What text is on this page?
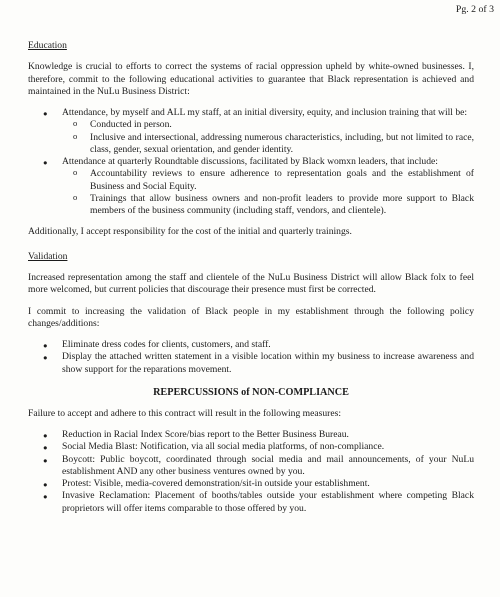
Pg. 2 of 3
Education

Knowledge is crucial to efforts to correct the systems of racial oppression upheld by white-owned businesses. I, therefore, commit to the following educational activities to guarantee that Black representation is achieved and maintained in the NuLu Business District:

● Attendance, by myself and ALL my staff, at an initial diversity, equity, and inclusion training that will be:
o Conducted in person.
o Inclusive and intersectional, addressing numerous characteristics, including, but not limited to race, class, gender, sexual orientation, and gender identity.
● Attendance at quarterly Roundtable discussions, facilitated by Black womxn leaders, that include:
o Accountability reviews to ensure adherence to representation goals and the establishment of Business and Social Equity.
o Trainings that allow business owners and non-profit leaders to provide more support to Black members of the business community (including staff, vendors, and clientele).

Additionally, I accept responsibility for the cost of the initial and quarterly trainings.

Validation

Increased representation among the staff and clientele of the NuLu Business District will allow Black folx to feel more welcomed, but current policies that discourage their presence must first be corrected.

I commit to increasing the validation of Black people in my establishment through the following policy changes/additions:

● Eliminate dress codes for clients, customers, and staff.
● Display the attached written statement in a visible location within my business to increase awareness and show support for the reparations movement.
REPERCUSSIONS of NON-COMPLIANCE

Failure to accept and adhere to this contract will result in the following measures:

● Reduction in Racial Index Score/bias report to the Better Business Bureau.
● Social Media Blast: Notification, via all social media platforms, of non-compliance.
● Boycott: Public boycott, coordinated through social media and mail announcements, of your NuLu establishment AND any other business ventures owned by you.
● Protest: Visible, media-covered demonstration/sit-in outside your establishment.
● Invasive Reclamation: Placement of booths/tables outside your establishment where competing Black proprietors will offer items comparable to those offered by you.
